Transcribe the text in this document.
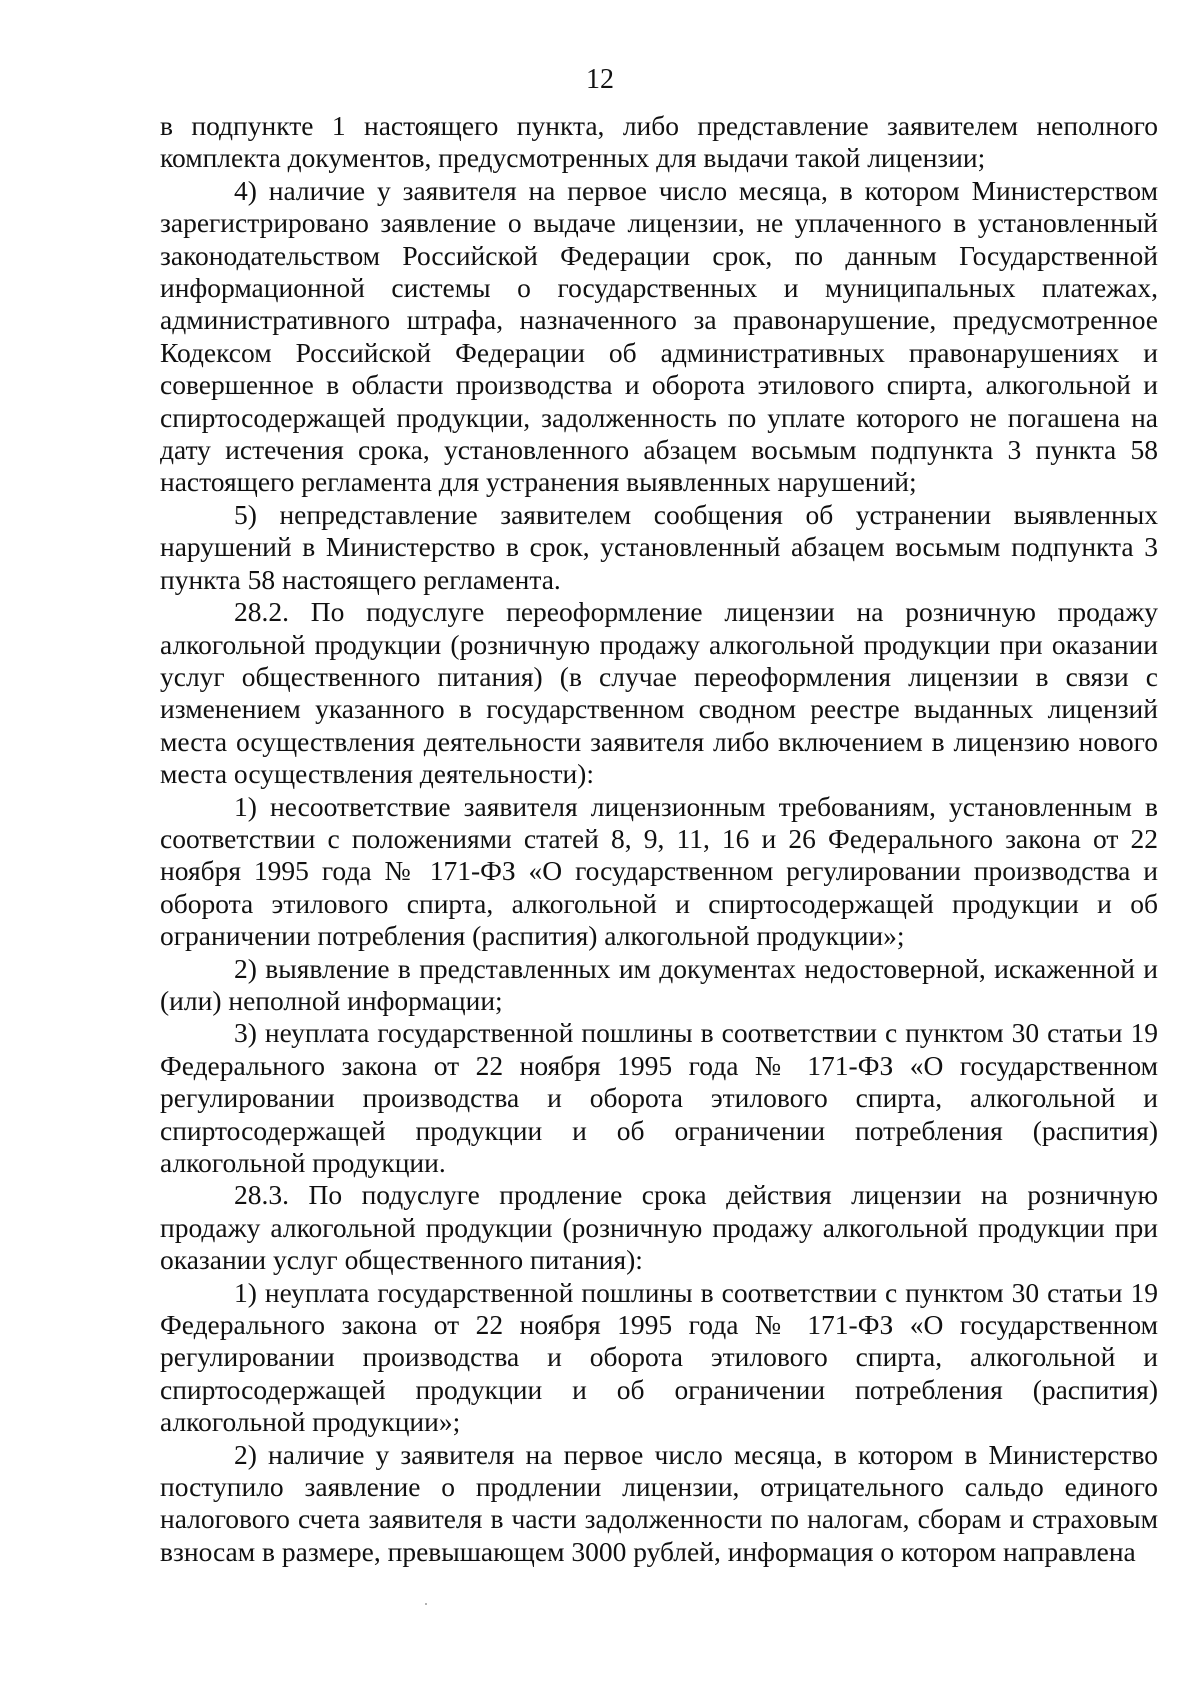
12

в подпункте 1 настоящего пункта, либо представление заявителем неполного комплекта документов, предусмотренных для выдачи такой лицензии;

4) наличие у заявителя на первое число месяца, в котором Министерством зарегистрировано заявление о выдаче лицензии, не уплаченного в установленный законодательством Российской Федерации срок, по данным Государственной информационной системы о государственных и муниципальных платежах, административного штрафа, назначенного за правонарушение, предусмотренное Кодексом Российской Федерации об административных правонарушениях и совершенное в области производства и оборота этилового спирта, алкогольной и спиртосодержащей продукции, задолженность по уплате которого не погашена на дату истечения срока, установленного абзацем восьмым подпункта 3 пункта 58 настоящего регламента для устранения выявленных нарушений;

5) непредставление заявителем сообщения об устранении выявленных нарушений в Министерство в срок, установленный абзацем восьмым подпункта 3 пункта 58 настоящего регламента.

28.2. По подуслуге переоформление лицензии на розничную продажу алкогольной продукции (розничную продажу алкогольной продукции при оказании услуг общественного питания) (в случае переоформления лицензии в связи с изменением указанного в государственном сводном реестре выданных лицензий места осуществления деятельности заявителя либо включением в лицензию нового места осуществления деятельности):

1) несоответствие заявителя лицензионным требованиям, установленным в соответствии с положениями статей 8, 9, 11, 16 и 26 Федерального закона от 22 ноября 1995 года № 171-ФЗ «О государственном регулировании производства и оборота этилового спирта, алкогольной и спиртосодержащей продукции и об ограничении потребления (распития) алкогольной продукции»;

2) выявление в представленных им документах недостоверной, искаженной и (или) неполной информации;

3) неуплата государственной пошлины в соответствии с пунктом 30 статьи 19 Федерального закона от 22 ноября 1995 года № 171-ФЗ «О государственном регулировании производства и оборота этилового спирта, алкогольной и спиртосодержащей продукции и об ограничении потребления (распития) алкогольной продукции.

28.3. По подуслуге продление срока действия лицензии на розничную продажу алкогольной продукции (розничную продажу алкогольной продукции при оказании услуг общественного питания):

1) неуплата государственной пошлины в соответствии с пунктом 30 статьи 19 Федерального закона от 22 ноября 1995 года № 171-ФЗ «О государственном регулировании производства и оборота этилового спирта, алкогольной и спиртосодержащей продукции и об ограничении потребления (распития) алкогольной продукции»;

2) наличие у заявителя на первое число месяца, в котором в Министерство поступило заявление о продлении лицензии, отрицательного сальдо единого налогового счета заявителя в части задолженности по налогам, сборам и страховым взносам в размере, превышающем 3000 рублей, информация о котором направлена
